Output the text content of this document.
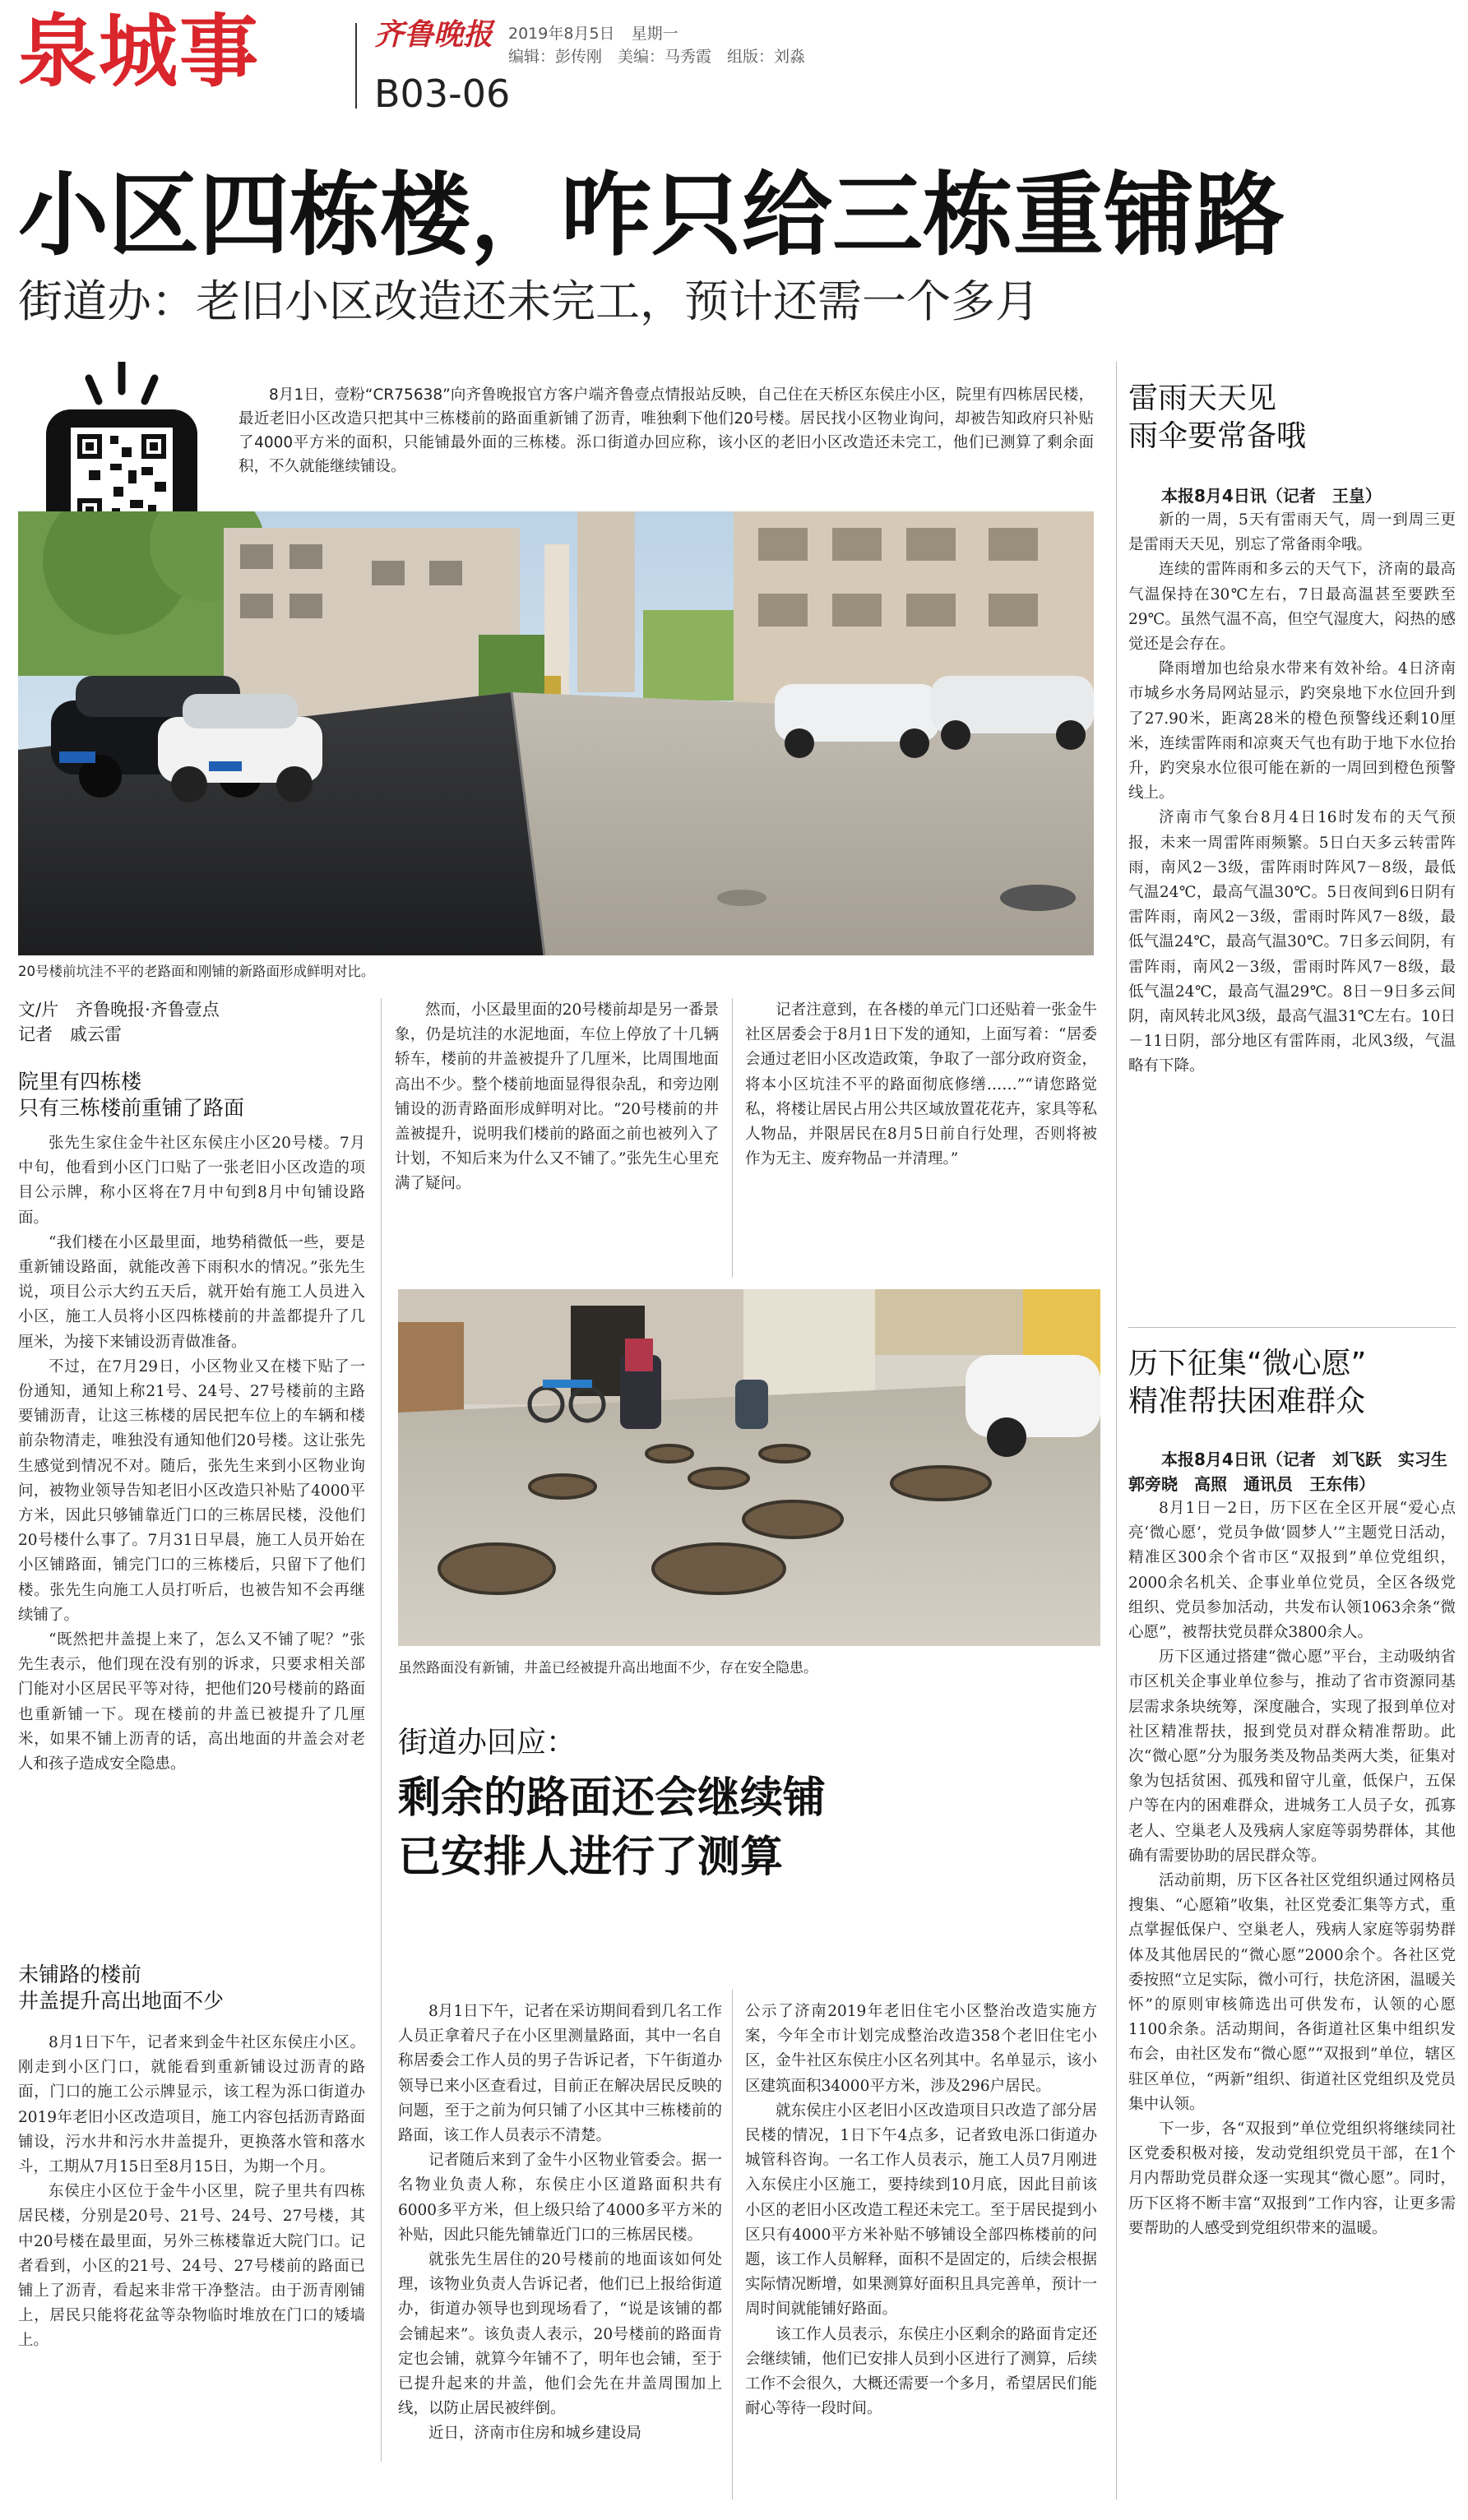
泉城事	齐鲁晚报 2019年8月5日 星期一
编辑：彭传刚　美编：马秀霞　组版：刘淼
B03-06
小区四栋楼，咋只给三栋重铺路
街道办：老旧小区改造还未完工，预计还需一个多月

8月1日，壹粉“CR75638”向齐鲁晚报官方客户端齐鲁壹点情报站反映，自己住在天桥区东侯庄小区，院里有四栋居民楼，最近老旧小区改造只把其中三栋楼前的路面重新铺了沥青，唯独剩下他们20号楼。居民找小区物业询问，却被告知政府只补贴了4000平方米的面积，只能铺最外面的三栋楼。泺口街道办回应称，该小区的老旧小区改造还未完工，他们已测算了剩余面积，不久就能继续铺设。

20号楼前坑洼不平的老路面和刚铺的新路面形成鲜明对比。
文/片　齐鲁晚报·齐鲁壹点
记者　戚云雷
院里有四栋楼
只有三栋楼前重铺了路面

张先生家住金牛社区东侯庄小区20号楼。7月中旬，他看到小区门口贴了一张老旧小区改造的项目公示牌，称小区将在7月中旬到8月中旬铺设路面。

“我们楼在小区最里面，地势稍微低一些，要是重新铺设路面，就能改善下雨积水的情况。”张先生说，项目公示大约五天后，就开始有施工人员进入小区，施工人员将小区四栋楼前的井盖都提升了几厘米，为接下来铺设沥青做准备。

不过，在7月29日，小区物业又在楼下贴了一份通知，通知上称21号、24号、27号楼前的主路要铺沥青，让这三栋楼的居民把车位上的车辆和楼前杂物清走，唯独没有通知他们20号楼。这让张先生感觉到情况不对。随后，张先生来到小区物业询问，被物业领导告知老旧小区改造只补贴了4000平方米，因此只够铺靠近门口的三栋居民楼，没他们20号楼什么事了。7月31日早晨，施工人员开始在小区铺路面，铺完门口的三栋楼后，只留下了他们楼。张先生向施工人员打听后，也被告知不会再继续铺了。

“既然把井盖提上来了，怎么又不铺了呢？”张先生表示，他们现在没有别的诉求，只要求相关部门能对小区居民平等对待，把他们20号楼前的路面也重新铺一下。现在楼前的井盖已被提升了几厘米，如果不铺上沥青的话，高出地面的井盖会对老人和孩子造成安全隐患。

未铺路的楼前
井盖提升高出地面不少

8月1日下午，记者来到金牛社区东侯庄小区。刚走到小区门口，就能看到重新铺设过沥青的路面，门口的施工公示牌显示，该工程为泺口街道办2019年老旧小区改造项目，施工内容包括沥青路面铺设，污水井和污水井盖提升，更换落水管和落水斗，工期从7月15日至8月15日，为期一个月。

东侯庄小区位于金牛小区里，院子里共有四栋居民楼，分别是20号、21号、24号、27号楼，其中20号楼在最里面，另外三栋楼靠近大院门口。记者看到，小区的21号、24号、27号楼前的路面已铺上了沥青，看起来非常干净整洁。由于沥青刚铺上，居民只能将花盆等杂物临时堆放在门口的矮墙上。

然而，小区最里面的20号楼前却是另一番景象，仍是坑洼的水泥地面，车位上停放了十几辆轿车，楼前的井盖被提升了几厘米，比周围地面高出不少。整个楼前地面显得很杂乱，和旁边刚铺设的沥青路面形成鲜明对比。“20号楼前的井盖被提升，说明我们楼前的路面之前也被列入了计划，不知后来为什么又不铺了。”张先生心里充满了疑问。

记者注意到，在各楼的单元门口还贴着一张金牛社区居委会于8月1日下发的通知，上面写着：“居委会通过老旧小区改造政策，争取了一部分政府资金，将本小区坑洼不平的路面彻底修缮……”“请您路觉私，将楼让居民占用公共区域放置花花卉，家具等私人物品，并限居民在8月5日前自行处理，否则将被作为无主、废弃物品一并清理。”

虽然路面没有新铺，井盖已经被提升高出地面不少，存在安全隐患。
街道办回应：
剩余的路面还会继续铺
已安排人进行了测算

8月1日下午，记者在采访期间看到几名工作人员正拿着尺子在小区里测量路面，其中一名自称居委会工作人员的男子告诉记者，下午街道办领导已来小区查看过，目前正在解决居民反映的问题，至于之前为何只铺了小区其中三栋楼前的路面，该工作人员表示不清楚。

记者随后来到了金牛小区物业管委会。据一名物业负责人称，东侯庄小区道路面积共有6000多平方米，但上级只给了4000多平方米的补贴，因此只能先铺靠近门口的三栋居民楼。

就张先生居住的20号楼前的地面该如何处理，该物业负责人告诉记者，他们已上报给街道办，街道办领导也到现场看了，“说是该铺的都会铺起来”。该负责人表示，20号楼前的路面肯定也会铺，就算今年铺不了，明年也会铺，至于已提升起来的井盖，他们会先在井盖周围加上线，以防止居民被绊倒。

近日，济南市住房和城乡建设局

公示了济南2019年老旧住宅小区整治改造实施方案，今年全市计划完成整治改造358个老旧住宅小区，金牛社区东侯庄小区名列其中。名单显示，该小区建筑面积34000平方米，涉及296户居民。

就东侯庄小区老旧小区改造项目只改造了部分居民楼的情况，1日下午4点多，记者致电泺口街道办城管科咨询。一名工作人员表示，施工人员7月刚进入东侯庄小区施工，要持续到10月底，因此目前该小区的老旧小区改造工程还未完工。至于居民提到小区只有4000平方米补贴不够铺设全部四栋楼前的问题，该工作人员解释，面积不是固定的，后续会根据实际情况断增，如果测算好面积且具完善单，预计一周时间就能铺好路面。

该工作人员表示，东侯庄小区剩余的路面肯定还会继续铺，他们已安排人员到小区进行了测算，后续工作不会很久，大概还需要一个多月，希望居民们能耐心等待一段时间。

雷雨天天见
雨伞要常备哦
本报8月4日讯（记者　王皇）

新的一周，5天有雷雨天气，周一到周三更是雷雨天天见，别忘了常备雨伞哦。

连续的雷阵雨和多云的天气下，济南的最高气温保持在30℃左右，7日最高温甚至要跌至29℃。虽然气温不高，但空气湿度大，闷热的感觉还是会存在。

降雨增加也给泉水带来有效补给。4日济南市城乡水务局网站显示，趵突泉地下水位回升到了27.90米，距离28米的橙色预警线还剩10厘米，连续雷阵雨和凉爽天气也有助于地下水位抬升，趵突泉水位很可能在新的一周回到橙色预警线上。

济南市气象台8月4日16时发布的天气预报，未来一周雷阵雨频繁。5日白天多云转雷阵雨，南风2－3级，雷阵雨时阵风7－8级，最低气温24℃，最高气温30℃。5日夜间到6日阴有雷阵雨，南风2－3级，雷雨时阵风7－8级，最低气温24℃，最高气温30℃。7日多云间阴，有雷阵雨，南风2－3级，雷雨时阵风7－8级，最低气温24℃，最高气温29℃。8日－9日多云间阴，南风转北风3级，最高气温31℃左右。10日－11日阴，部分地区有雷阵雨，北风3级，气温略有下降。

历下征集“微心愿”
精准帮扶困难群众
本报8月4日讯（记者　刘飞跃　实习生　郭旁晓　高照　通讯员　王东伟）

8月1日－2日，历下区在全区开展“爱心点亮‘微心愿’，党员争做‘圆梦人’”主题党日活动，精准区300余个省市区“双报到”单位党组织，2000余名机关、企事业单位党员，全区各级党组织、党员参加活动，共发布认领1063余条“微心愿”，被帮扶党员群众3800余人。

历下区通过搭建“微心愿”平台，主动吸纳省市区机关企事业单位参与，推动了省市资源同基层需求条块统筹，深度融合，实现了报到单位对社区精准帮扶，报到党员对群众精准帮助。此次“微心愿”分为服务类及物品类两大类，征集对象为包括贫困、孤残和留守儿童，低保户，五保户等在内的困难群众，进城务工人员子女，孤寡老人、空巢老人及残病人家庭等弱势群体，其他确有需要协助的居民群众等。

活动前期，历下区各社区党组织通过网格员搜集、“心愿箱”收集，社区党委汇集等方式，重点掌握低保户、空巢老人，残病人家庭等弱势群体及其他居民的“微心愿”2000余个。各社区党委按照“立足实际，微小可行，扶危济困，温暖关怀”的原则审核筛选出可供发布，认领的心愿1100余条。活动期间，各街道社区集中组织发布会，由社区发布“微心愿”“双报到”单位，辖区驻区单位，“两新”组织、街道社区党组织及党员集中认领。

下一步，各“双报到”单位党组织将继续同社区党委积极对接，发动党组织党员干部，在1个月内帮助党员群众逐一实现其“微心愿”。同时，历下区将不断丰富“双报到”工作内容，让更多需要帮助的人感受到党组织带来的温暖。
